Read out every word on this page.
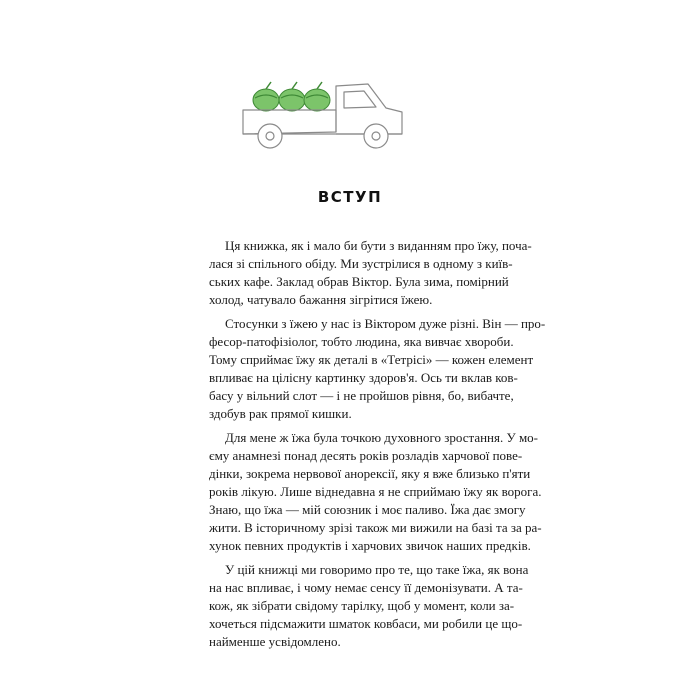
ВСТУП

Ця книжка, як і мало би бути з виданням про їжу, поча-
лася зі спільного обіду. Ми зустрілися в одному з київ-
ських кафе. Заклад обрав Віктор. Була зима, помірний
холод, чатувало бажання зігрітися їжею.

Стосунки з їжею у нас із Віктором дуже різні. Він — про-
фесор-патофізіолог, тобто людина, яка вивчає хвороби.
Тому сприймає їжу як деталі в «Тетрісі» — кожен елемент
впливає на цілісну картинку здоров'я. Ось ти вклав ков-
басу у вільний слот — і не пройшов рівня, бо, вибачте,
здобув рак прямої кишки.

Для мене ж їжа була точкою духовного зростання. У мо-
єму анамнезі понад десять років розладів харчової пове-
дінки, зокрема нервової анорексії, яку я вже близько п'яти
років лікую. Лише віднедавна я не сприймаю їжу як ворога.
Знаю, що їжа — мій союзник і моє паливо. Їжа дає змогу
жити. В історичному зрізі також ми вижили на базі та за ра-
хунок певних продуктів і харчових звичок наших предків.

У цій книжці ми говоримо про те, що таке їжа, як вона
на нас впливає, і чому немає сенсу її демонізувати. А та-
кож, як зібрати свідому тарілку, щоб у момент, коли за-
хочеться підсмажити шматок ковбаси, ми робили це що-
найменше усвідомлено.
